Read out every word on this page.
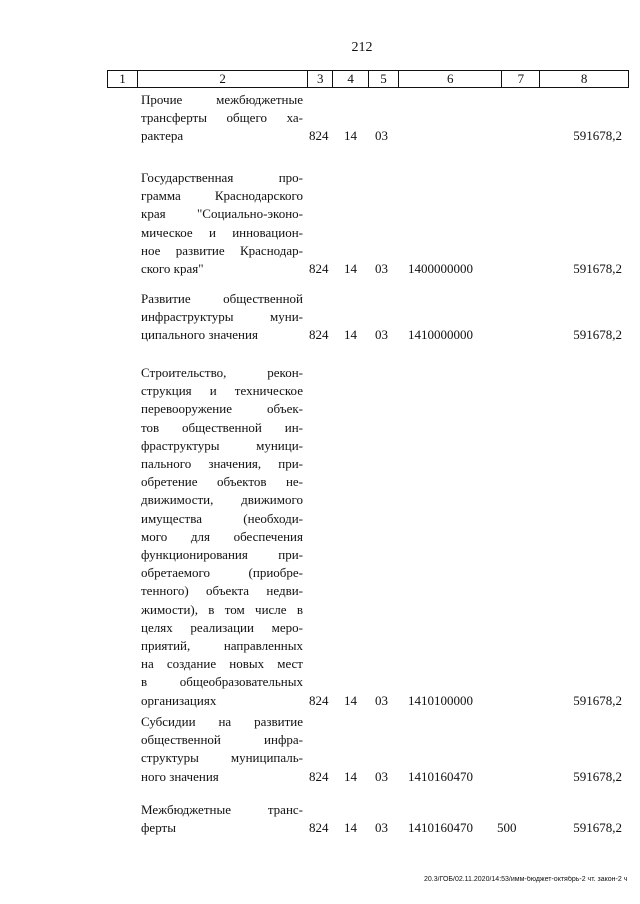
212
1	2	3	4	5	6	7	8
Прочие межбюджетные
трансферты общего ха-
рактера	824 14 03	591678,2
Государственная про-
грамма Краснодарского
края "Социально-эконо-
мическое и инновацион-
ное развитие Краснодар-
ского края"	824 14 03 1400000000	591678,2
Развитие общественной
инфраструктуры муни-
ципального значения	824 14 03 1410000000	591678,2
Строительство, рекон-
струкция и техническое
перевооружение объек-
тов общественной ин-
фраструктуры муници-
пального значения, при-
обретение объектов не-
движимости, движимого
имущества (необходи-
мого для обеспечения
функционирования при-
обретаемого (приобре-
тенного) объекта недви-
жимости), в том числе в
целях реализации меро-
приятий, направленных
на создание новых мест
в общеобразовательных
организациях	824 14 03 1410100000	591678,2
Субсидии на развитие
общественной инфра-
структуры муниципаль-
ного значения	824 14 03 1410160470	591678,2
Межбюджетные транс-
ферты	824 14 03 1410160470 500	591678,2
20.3/ГОБ/02.11.2020/14:53/имм-бюджет-октябрь-2 чт. закон-2 ч
